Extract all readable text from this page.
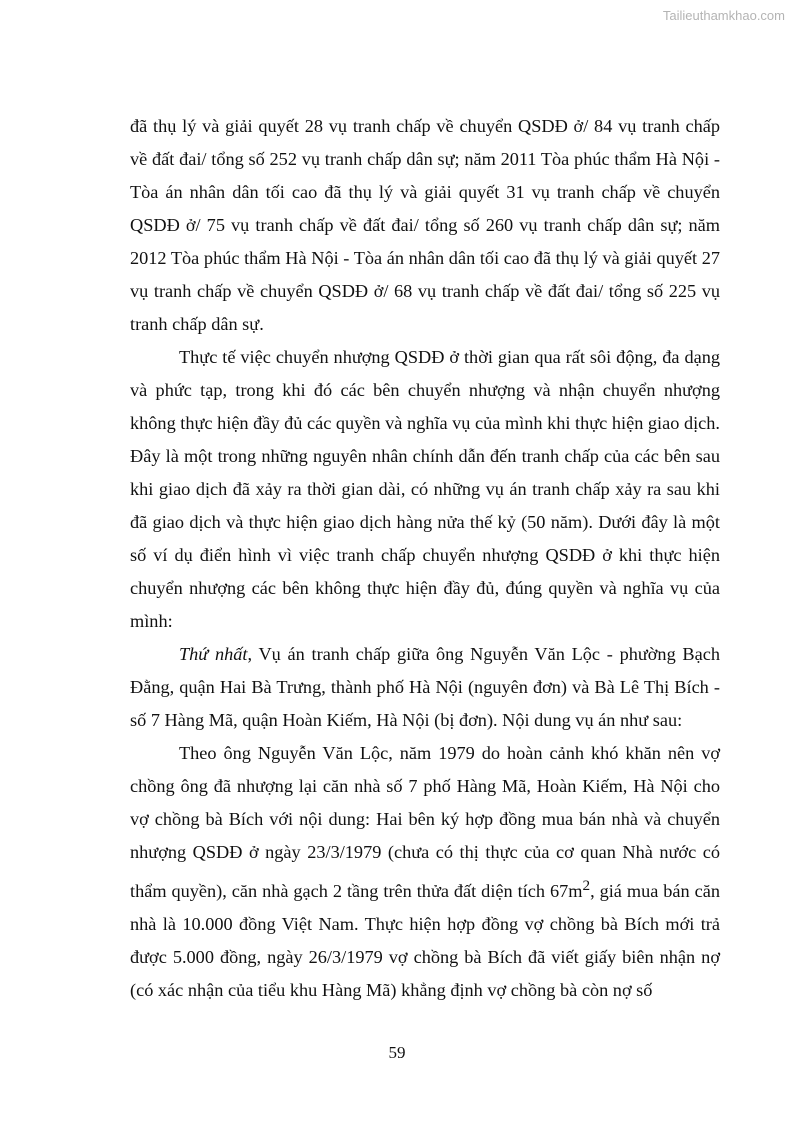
Tailieuthamkhao.com

đã thụ lý và giải quyết 28 vụ tranh chấp về chuyển QSDĐ ở/ 84 vụ tranh chấp về đất đai/ tổng số 252 vụ tranh chấp dân sự; năm 2011 Tòa phúc thẩm Hà Nội - Tòa án nhân dân tối cao đã thụ lý và giải quyết 31 vụ tranh chấp về chuyển QSDĐ ở/ 75 vụ tranh chấp về đất đai/ tổng số 260 vụ tranh chấp dân sự; năm 2012 Tòa phúc thẩm Hà Nội - Tòa án nhân dân tối cao đã thụ lý và giải quyết 27 vụ tranh chấp về chuyển QSDĐ ở/ 68 vụ tranh chấp về đất đai/ tổng số 225 vụ tranh chấp dân sự.

Thực tế việc chuyển nhượng QSDĐ ở thời gian qua rất sôi động, đa dạng và phức tạp, trong khi đó các bên chuyển nhượng và nhận chuyển nhượng không thực hiện đầy đủ các quyền và nghĩa vụ của mình khi thực hiện giao dịch. Đây là một trong những nguyên nhân chính dẫn đến tranh chấp của các bên sau khi giao dịch đã xảy ra thời gian dài, có những vụ án tranh chấp xảy ra sau khi đã giao dịch và thực hiện giao dịch hàng nửa thế kỷ (50 năm). Dưới đây là một số ví dụ điển hình vì việc tranh chấp chuyển nhượng QSDĐ ở khi thực hiện chuyển nhượng các bên không thực hiện đầy đủ, đúng quyền và nghĩa vụ của mình:

Thứ nhất, Vụ án tranh chấp giữa ông Nguyễn Văn Lộc - phường Bạch Đằng, quận Hai Bà Trưng, thành phố Hà Nội (nguyên đơn) và Bà Lê Thị Bích - số 7 Hàng Mã, quận Hoàn Kiếm, Hà Nội (bị đơn). Nội dung vụ án như sau:

Theo ông Nguyễn Văn Lộc, năm 1979 do hoàn cảnh khó khăn nên vợ chồng ông đã nhượng lại căn nhà số 7 phố Hàng Mã, Hoàn Kiếm, Hà Nội cho vợ chồng bà Bích với nội dung: Hai bên ký hợp đồng mua bán nhà và chuyển nhượng QSDĐ ở ngày 23/3/1979 (chưa có thị thực của cơ quan Nhà nước có thẩm quyền), căn nhà gạch 2 tầng trên thửa đất diện tích $67m^2$, giá mua bán căn nhà là 10.000 đồng Việt Nam. Thực hiện hợp đồng vợ chồng bà Bích mới trả được 5.000 đồng, ngày 26/3/1979 vợ chồng bà Bích đã viết giấy biên nhận nợ (có xác nhận của tiểu khu Hàng Mã) khẳng định vợ chồng bà còn nợ số

59
